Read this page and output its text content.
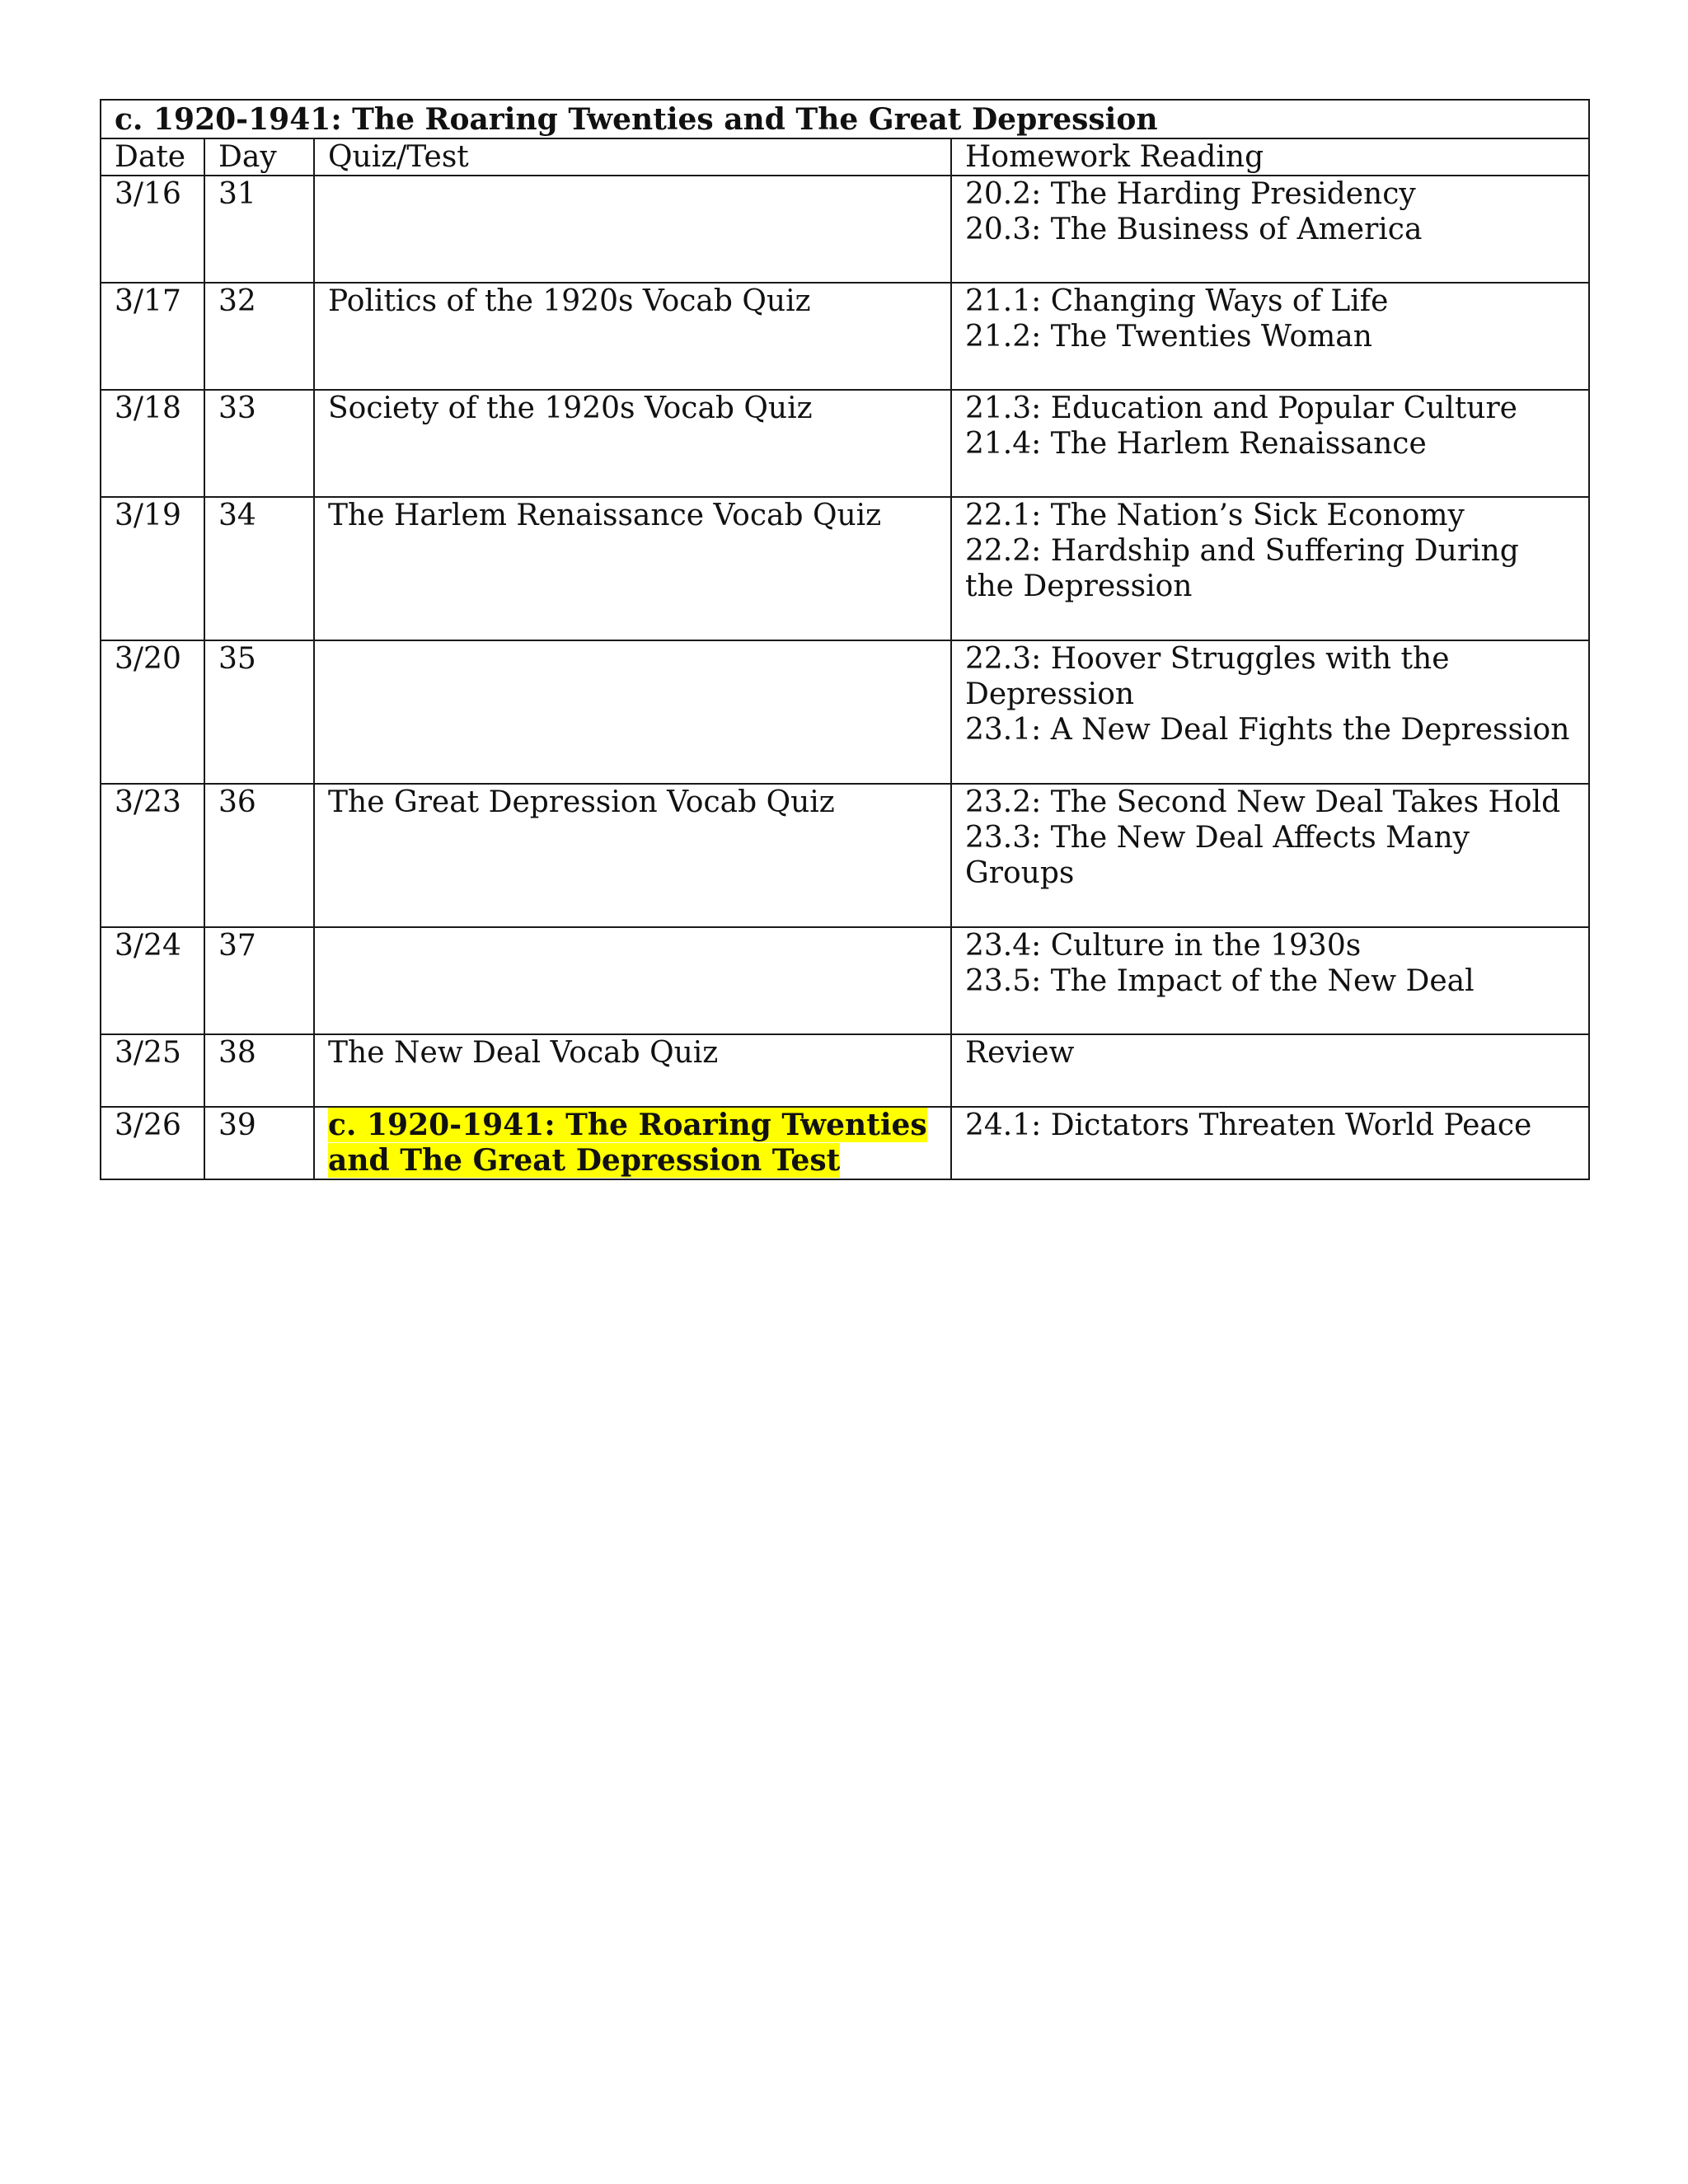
c. 1920-1941: The Roaring Twenties and The Great Depression			
Date	Day	Quiz/Test	Homework Reading
3/16	31		20.2: The Harding Presidency
20.3: The Business of America

3/17	32	Politics of the 1920s Vocab Quiz	21.1: Changing Ways of Life
21.2: The Twenties Woman

3/18	33	Society of the 1920s Vocab Quiz	21.3: Education and Popular Culture
21.4: The Harlem Renaissance

3/19	34	The Harlem Renaissance Vocab Quiz	22.1: The Nation’s Sick Economy
22.2: Hardship and Suffering During the Depression

3/20	35		22.3: Hoover Struggles with the Depression
23.1: A New Deal Fights the Depression

3/23	36	The Great Depression Vocab Quiz	23.2: The Second New Deal Takes Hold
23.3: The New Deal Affects Many Groups

3/24	37		23.4: Culture in the 1930s
23.5: The Impact of the New Deal

3/25	38	The New Deal Vocab Quiz	Review

3/26	39	c. 1920-1941: The Roaring Twenties and The Great Depression Test	24.1: Dictators Threaten World Peace
